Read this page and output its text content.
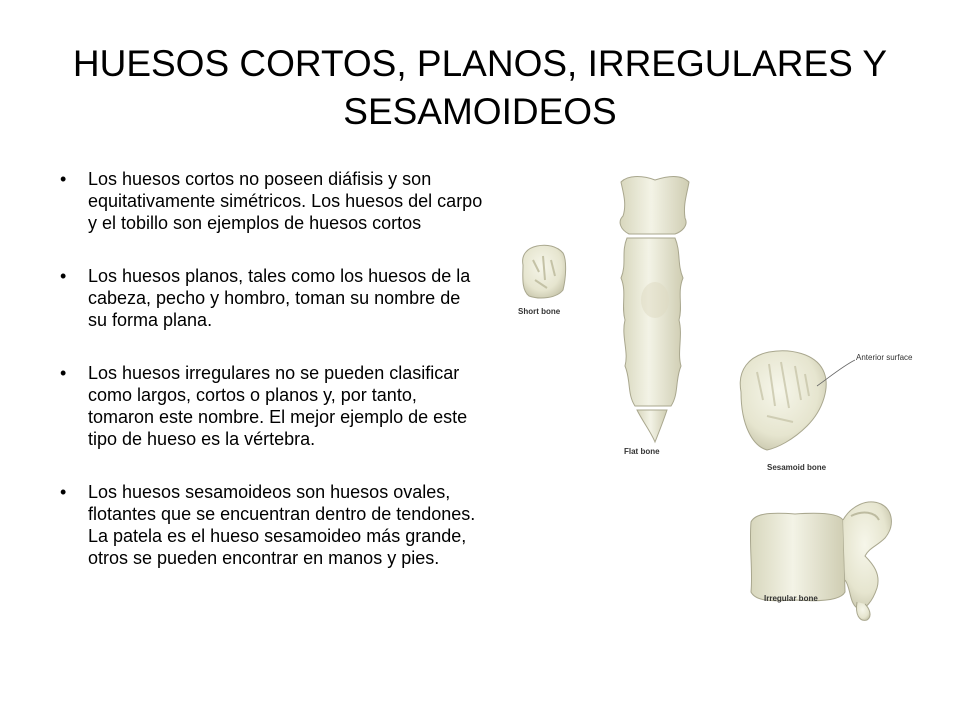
HUESOS CORTOS, PLANOS, IRREGULARES Y SESAMOIDEOS
• Los huesos cortos no poseen diáfisis y son equitativamente simétricos. Los huesos del carpo y el tobillo son ejemplos de huesos cortos
• Los huesos planos, tales como los huesos de la cabeza, pecho y hombro, toman su nombre de su forma plana.
• Los huesos irregulares no se pueden clasificar como largos, cortos o planos y, por tanto, tomaron este nombre. El mejor ejemplo de este tipo de hueso es la vértebra.
• Los huesos sesamoideos son huesos ovales, flotantes que se encuentran dentro de tendones. La patela es el hueso sesamoideo más grande, otros se pueden encontrar en manos y pies.
Short bone
Flat bone
Anterior surface
Sesamoid bone
Irregular bone
